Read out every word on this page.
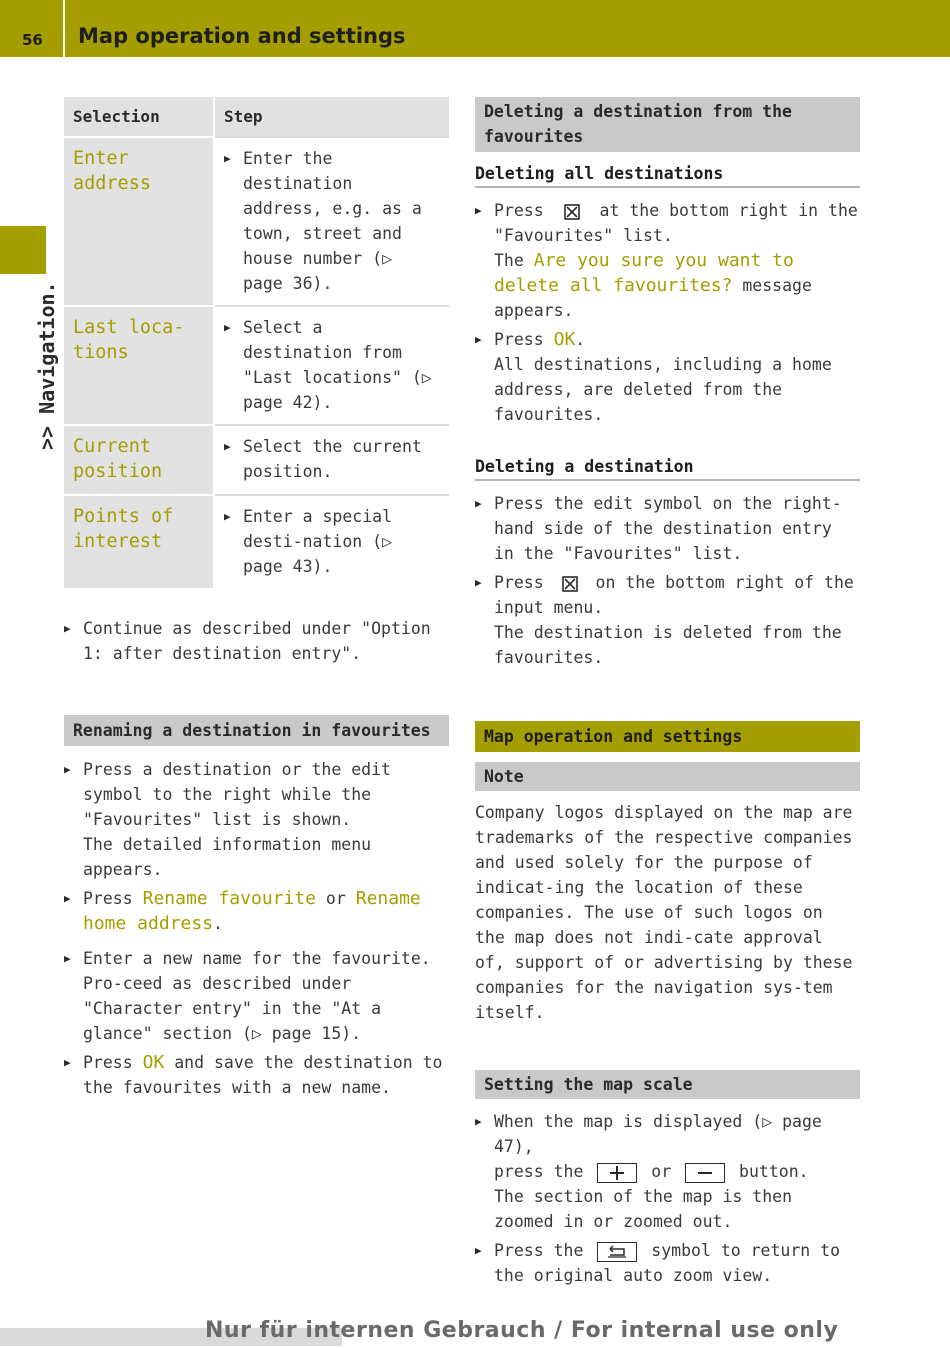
56 Map operation and settings
>> Navigation.
Selection	Step
Enter address	▶ Enter the destination address, e.g. as a town, street and house number (▷ page 36).

Last loca-tions	▶ Select a destination from "Last locations" (▷ page 42).

Current position	▶ Select the current position.

Points of interest	▶ Enter a special desti-nation (▷ page 43).
▶ Continue as described under "Option 1: after destination entry".
Renaming a destination in favourites
▶ Press a destination or the edit symbol to the right while the "Favourites" list is shown.
The detailed information menu appears.
▶ Press Rename favourite or Rename home address.
▶ Enter a new name for the favourite. Pro-ceed as described under "Character entry" in the "At a glance" section (▷ page 15).
▶ Press OK and save the destination to the favourites with a new name.
Deleting a destination from the favourites
Deleting all destinations
▶ Press	at the bottom right in the "Favourites" list.
The Are you sure you want to delete all favourites? message appears.
▶ Press OK.
All destinations, including a home address, are deleted from the favourites.
Deleting a destination
▶ Press the edit symbol on the right-hand side of the destination entry in the "Favourites" list.
▶ Press	on the bottom right of the input menu.
The destination is deleted from the favourites.
Map operation and settings
Note
Company logos displayed on the map are trademarks of the respective companies and used solely for the purpose of indicat-ing the location of these companies. The use of such logos on the map does not indi-cate approval of, support of or advertising by these companies for the navigation sys-tem itself.
Setting the map scale
▶ When the map is displayed (▷ page 47),
press the	or	button.
The section of the map is then zoomed in or zoomed out.
▶ Press the	symbol to return to the original auto zoom view.
Nur für internen Gebrauch / For internal use only
